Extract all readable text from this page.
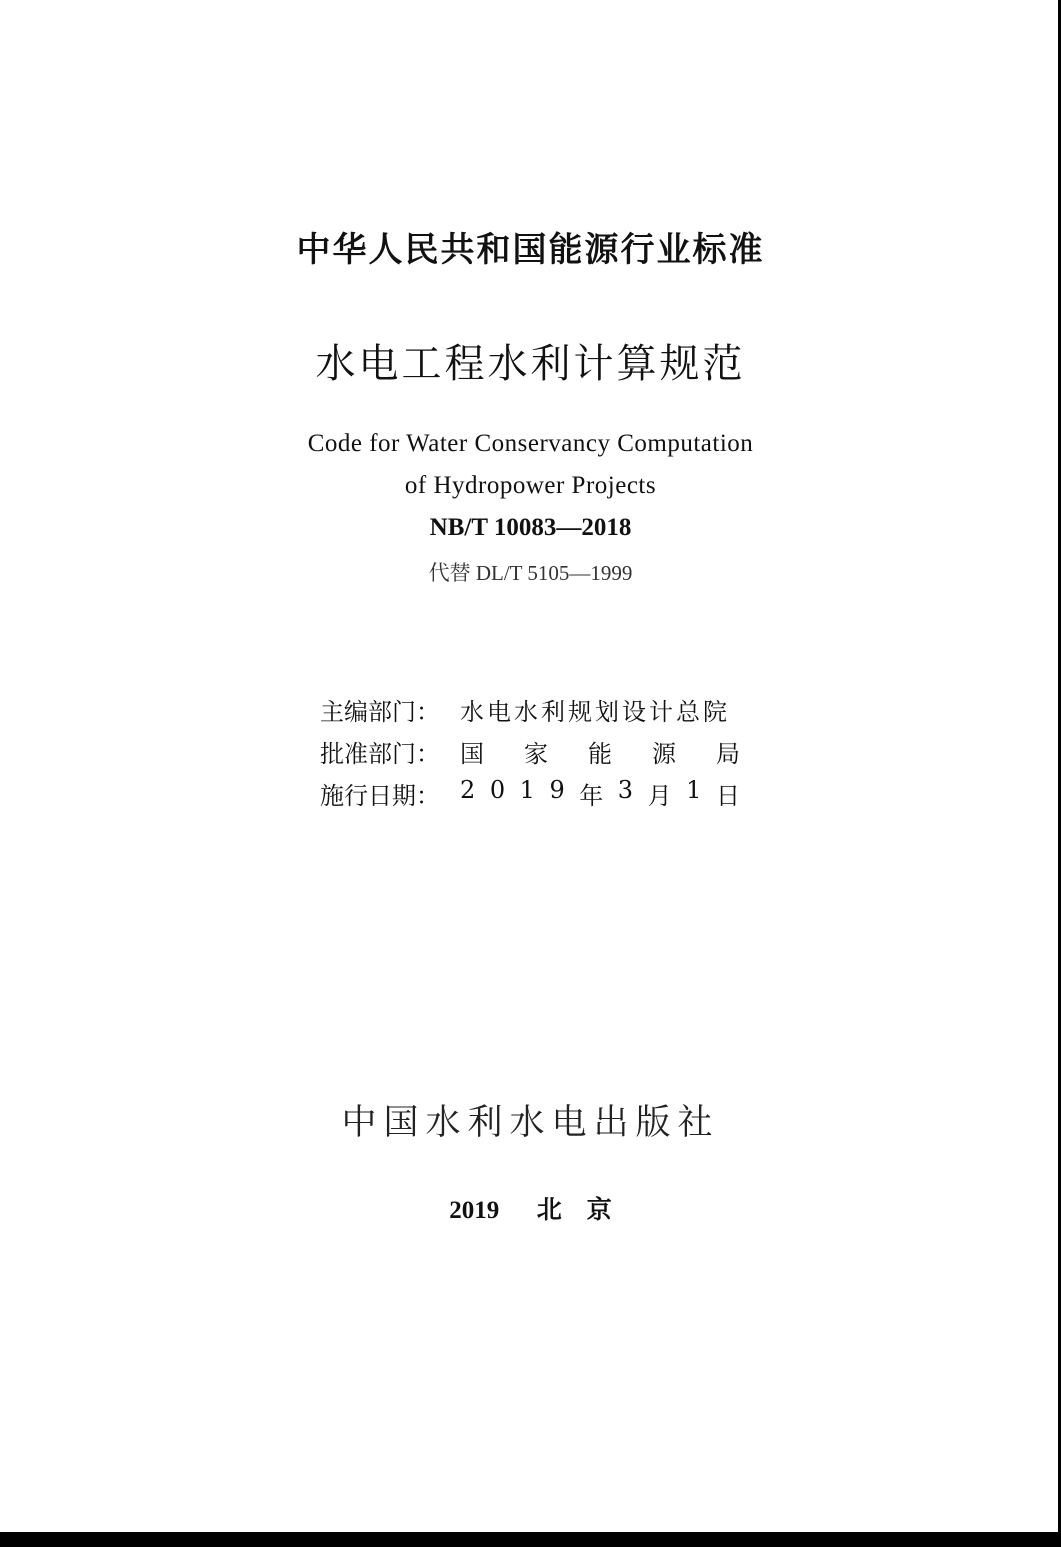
中华人民共和国能源行业标准
水电工程水利计算规范
Code for Water Conservancy Computation
of Hydropower Projects
NB/T 10083—2018
代替 DL/T 5105—1999
主编部门： 水电水利规划设计总院
批准部门： 国 家 能 源 局
施行日期： 2 0 1 9 年 3 月 1 日
中国水利水电出版社
2019　  北　京
